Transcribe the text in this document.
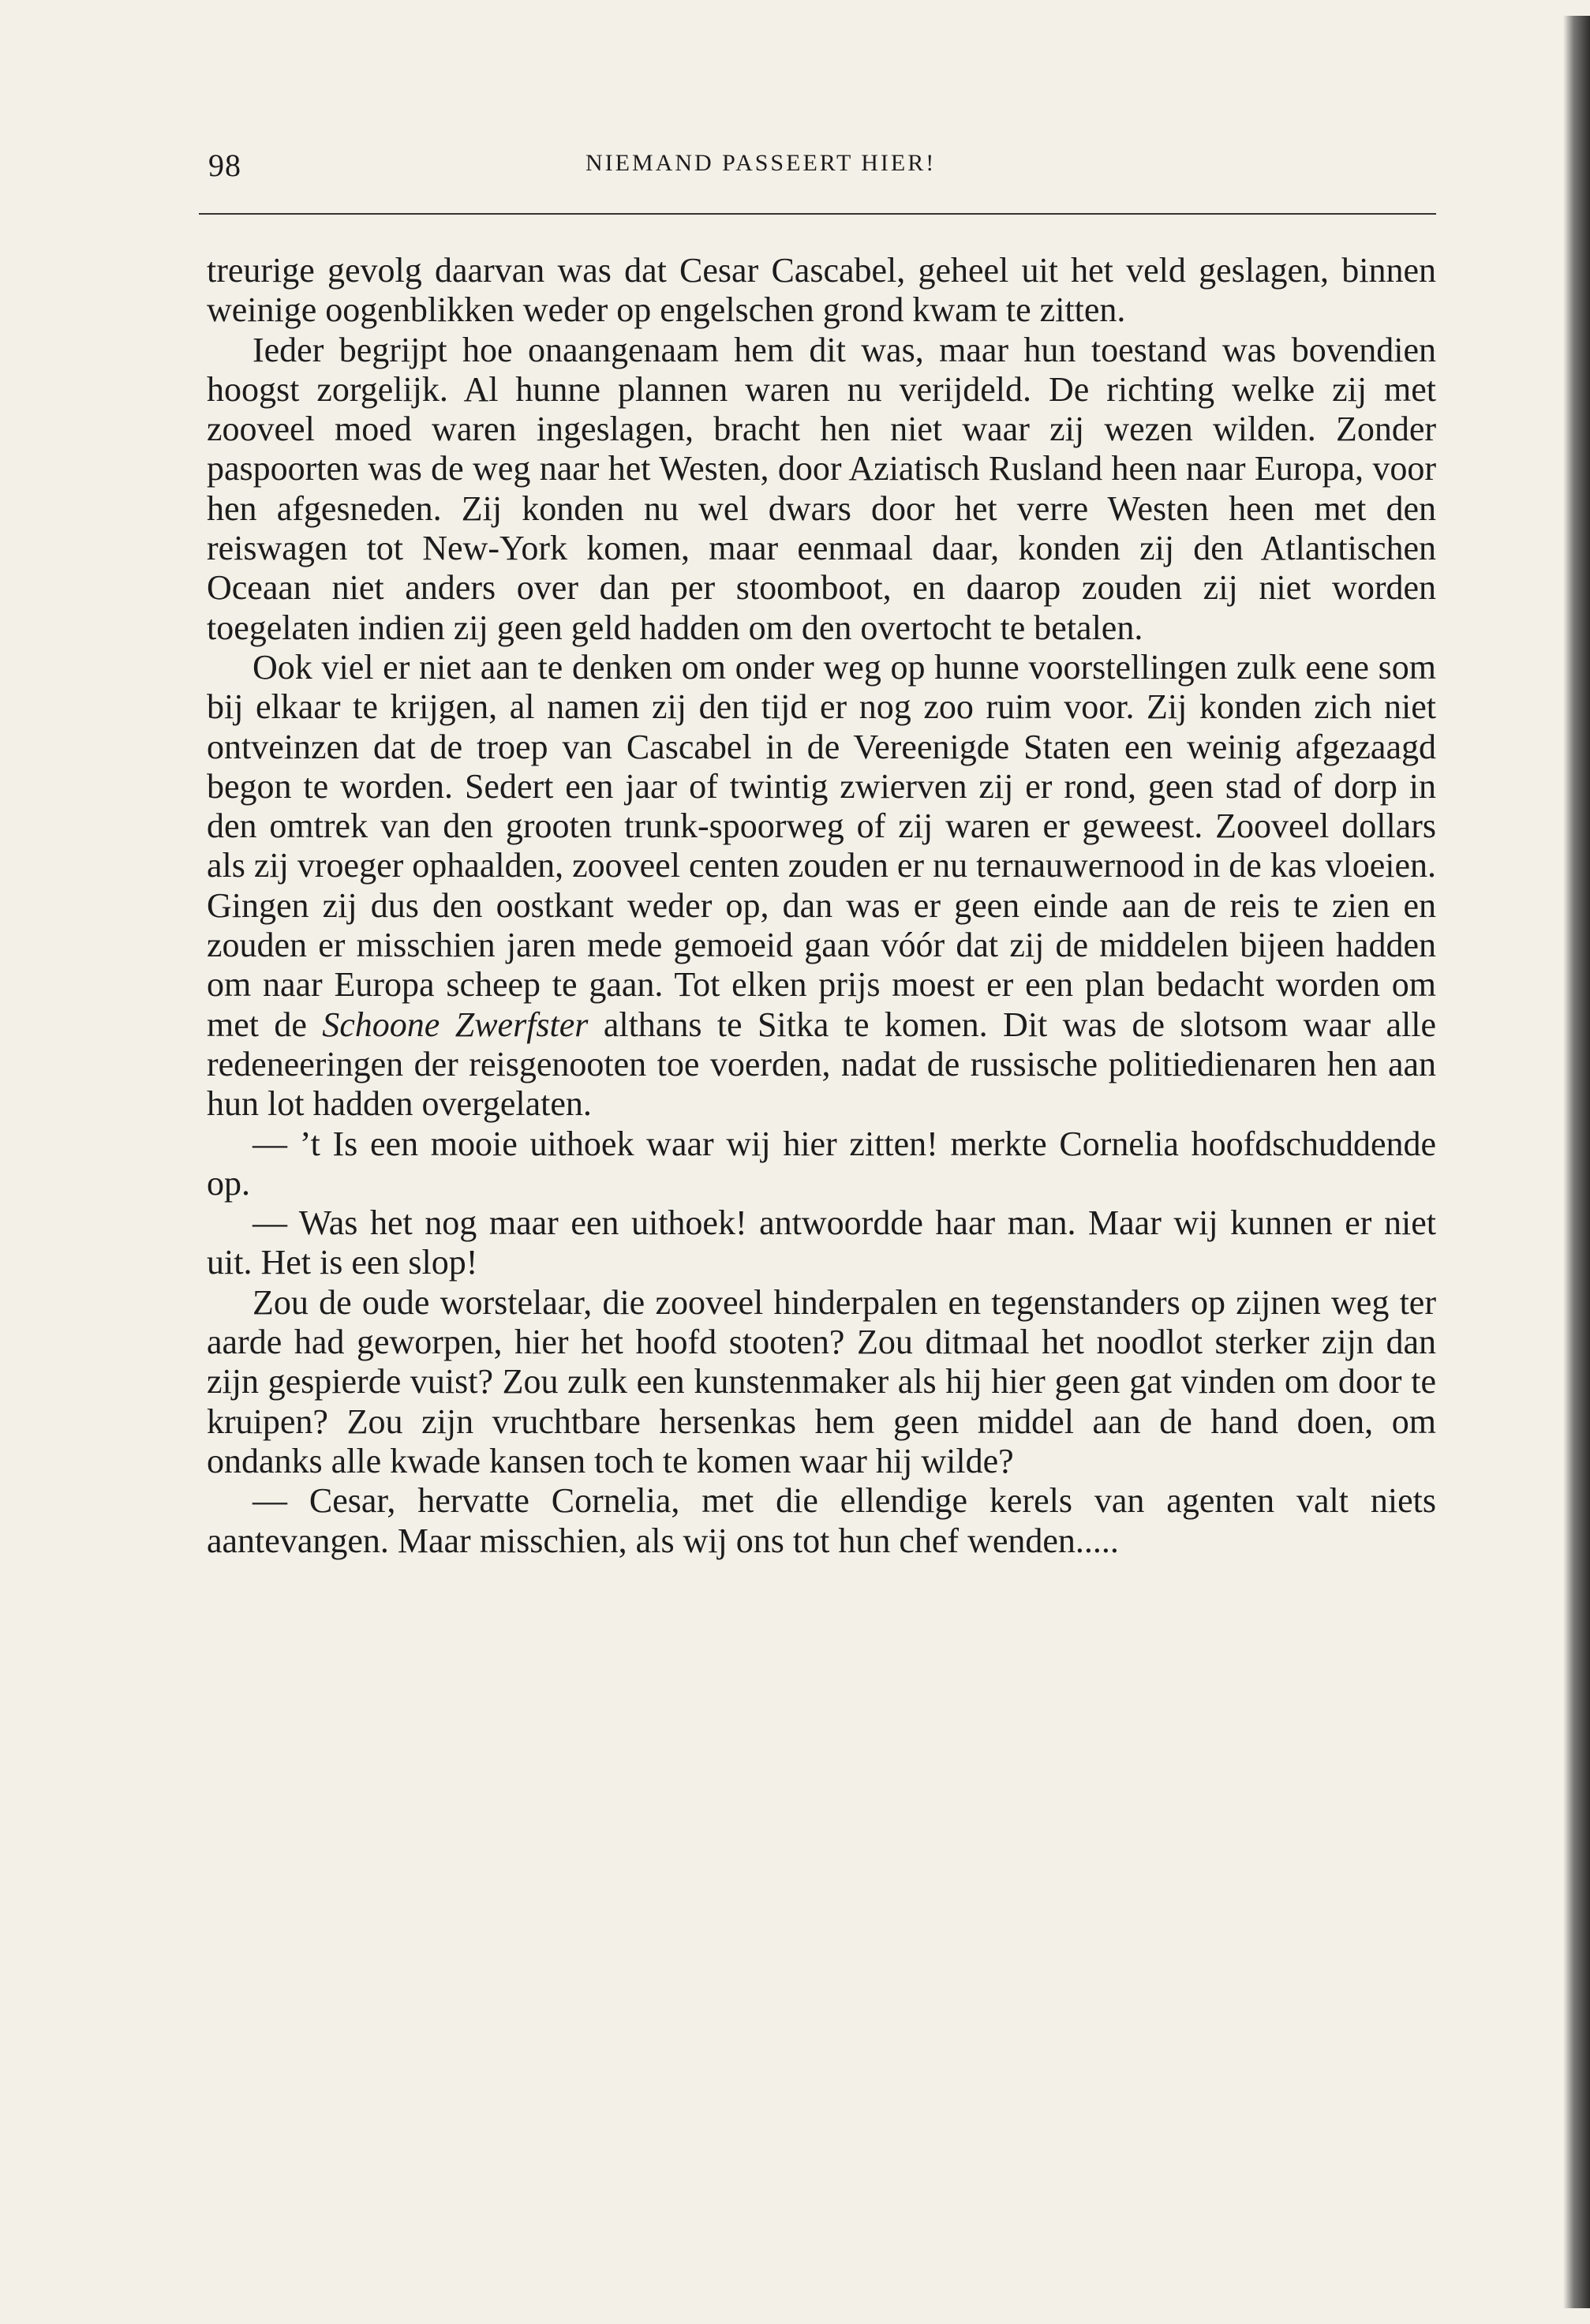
98	NIEMAND PASSEERT HIER!

treurige gevolg daarvan was dat Cesar Cascabel, geheel uit het veld geslagen, binnen weinige oogenblikken weder op engelschen grond kwam te zitten.

Ieder begrijpt hoe onaangenaam hem dit was, maar hun toestand was bovendien hoogst zorgelijk. Al hunne plannen waren nu verijdeld. De richting welke zij met zooveel moed waren ingeslagen, bracht hen niet waar zij wezen wilden. Zonder paspoorten was de weg naar het Westen, door Aziatisch Rusland heen naar Europa, voor hen afgesneden. Zij konden nu wel dwars door het verre Westen heen met den reiswagen tot New-York komen, maar eenmaal daar, konden zij den Atlantischen Oceaan niet anders over dan per stoomboot, en daarop zouden zij niet worden toegelaten indien zij geen geld hadden om den overtocht te betalen.

Ook viel er niet aan te denken om onder weg op hunne voorstellingen zulk eene som bij elkaar te krijgen, al namen zij den tijd er nog zoo ruim voor. Zij konden zich niet ontveinzen dat de troep van Cascabel in de Vereenigde Staten een weinig afgezaagd begon te worden. Sedert een jaar of twintig zwierven zij er rond, geen stad of dorp in den omtrek van den grooten trunk-spoorweg of zij waren er geweest. Zooveel dollars als zij vroeger ophaalden, zooveel centen zouden er nu ternauwernood in de kas vloeien. Gingen zij dus den oostkant weder op, dan was er geen einde aan de reis te zien en zouden er misschien jaren mede gemoeid gaan vóór dat zij de middelen bijeen hadden om naar Europa scheep te gaan. Tot elken prijs moest er een plan bedacht worden om met de Schoone Zwerfster althans te Sitka te komen. Dit was de slotsom waar alle redeneeringen der reisgenooten toe voerden, nadat de russische politiedienaren hen aan hun lot hadden overgelaten.

— ’t Is een mooie uithoek waar wij hier zitten! merkte Cornelia hoofdschuddende op.

— Was het nog maar een uithoek! antwoordde haar man. Maar wij kunnen er niet uit. Het is een slop!

Zou de oude worstelaar, die zooveel hinderpalen en tegenstanders op zijnen weg ter aarde had geworpen, hier het hoofd stooten? Zou ditmaal het noodlot sterker zijn dan zijn gespierde vuist? Zou zulk een kunstenmaker als hij hier geen gat vinden om door te kruipen? Zou zijn vruchtbare hersenkas hem geen middel aan de hand doen, om ondanks alle kwade kansen toch te komen waar hij wilde?

— Cesar, hervatte Cornelia, met die ellendige kerels van agenten valt niets aantevangen. Maar misschien, als wij ons tot hun chef wenden.....
